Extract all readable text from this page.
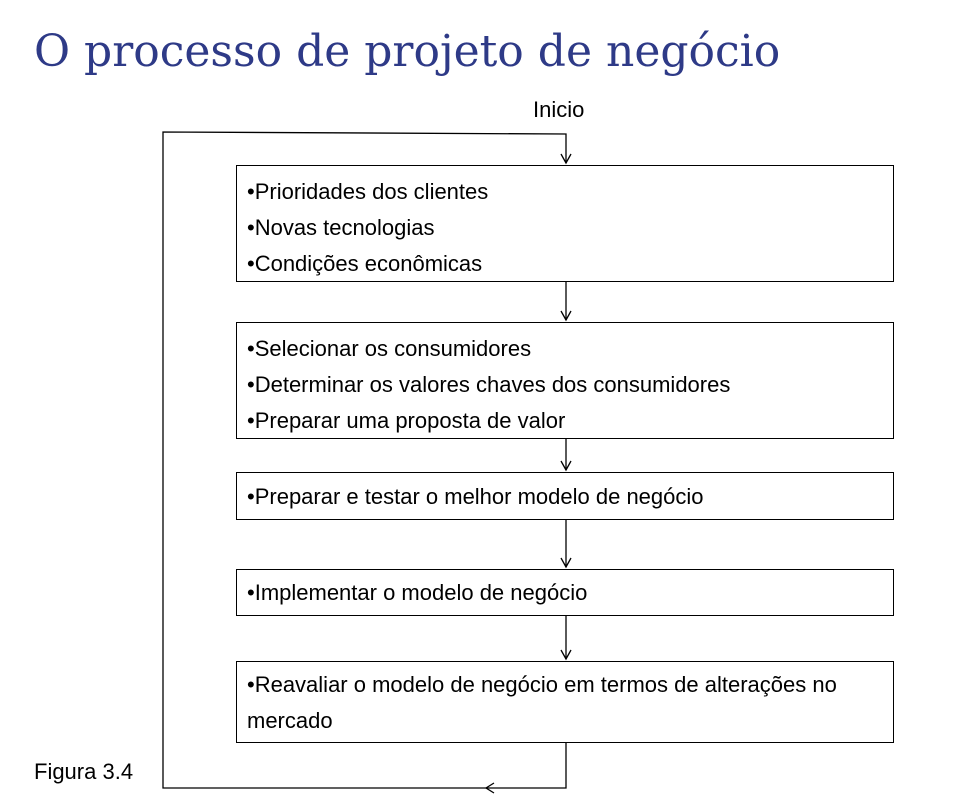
O processo de projeto de negócio
Inicio
•Prioridades dos clientes
•Novas tecnologias
•Condições econômicas
•Selecionar os consumidores
•Determinar os valores chaves dos consumidores
•Preparar uma proposta de valor
•Preparar e testar o melhor modelo de negócio
•Implementar o modelo de negócio
•Reavaliar o modelo de negócio em termos de alterações no mercado
Figura 3.4
